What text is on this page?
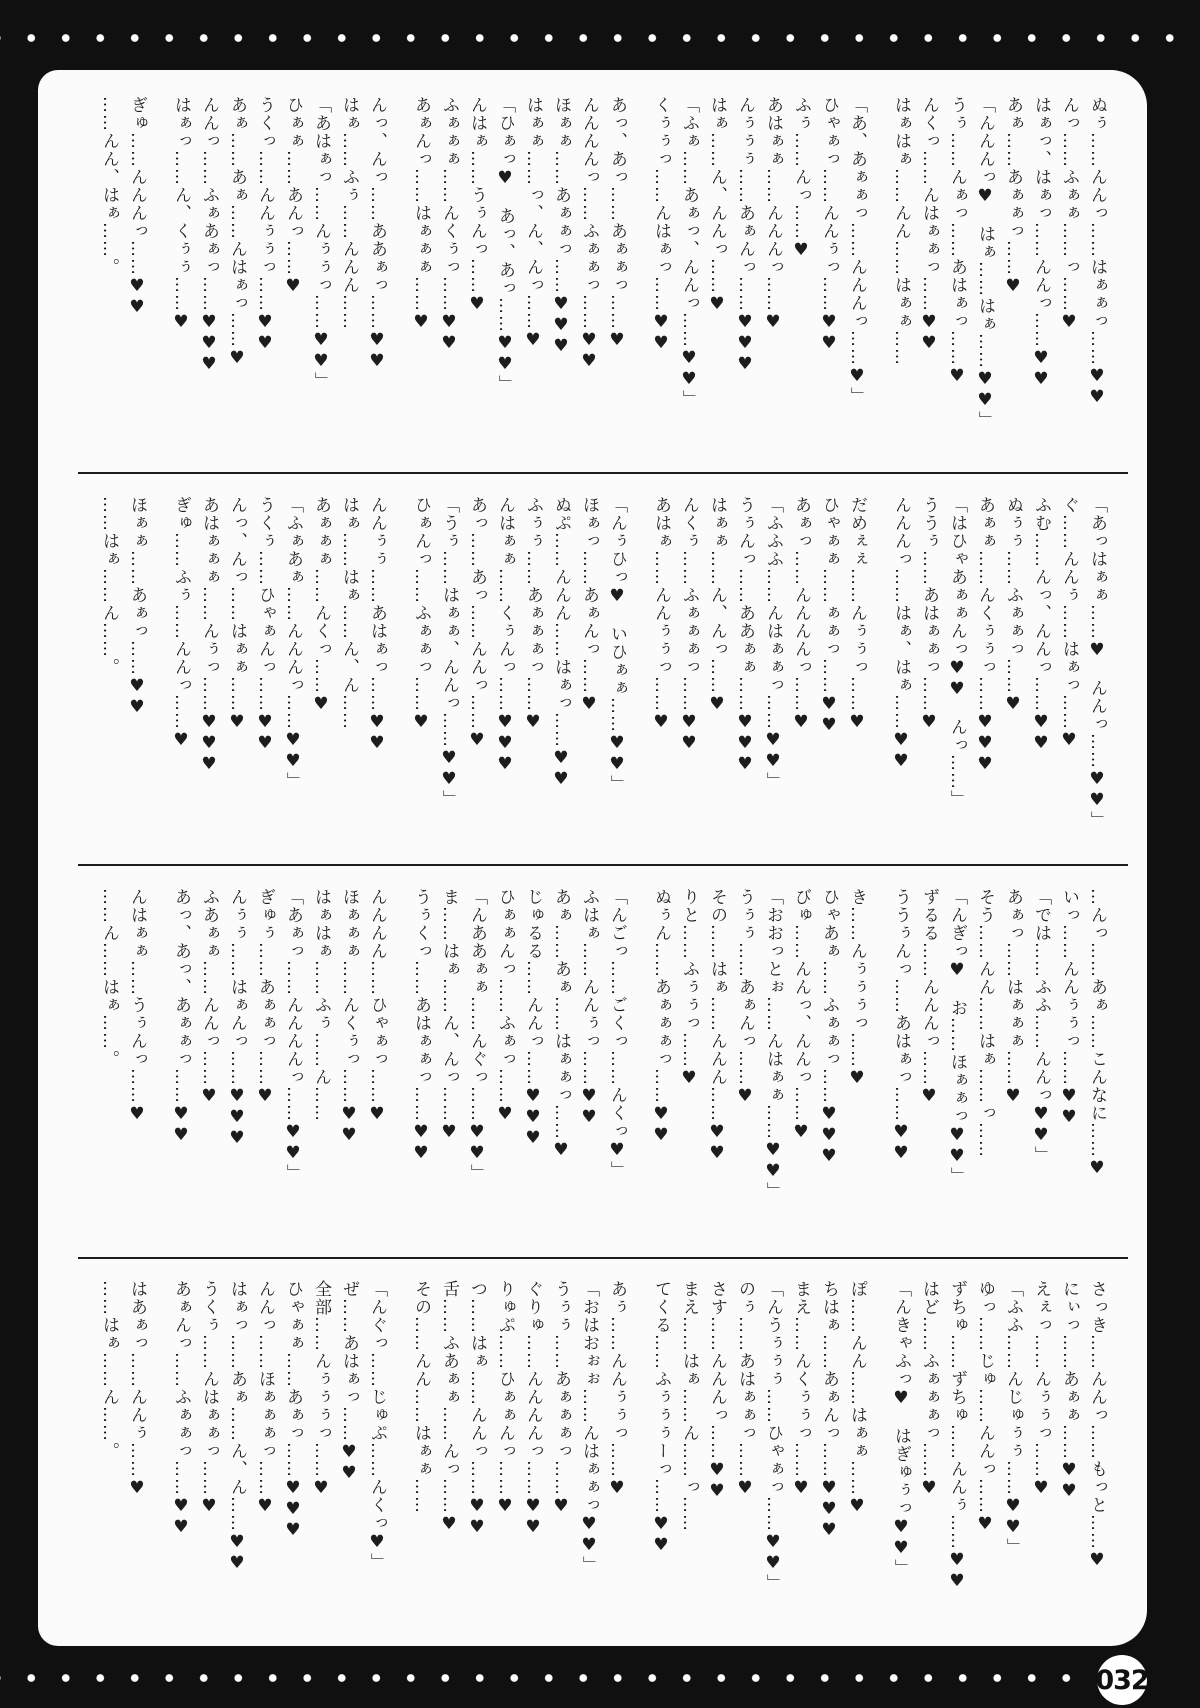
ぬぅ……んんっ……はぁぁっ……♥♥

んっ……ふぁぁ……っ……♥

はぁっ、はぁっ……んんっ……♥♥

あぁ……あぁぁっ……♥

「んんんっ♥　はぁ……はぁ……♥♥」

うぅ……んぁっ……あはぁっ……♥

んくっ……んはぁぁっ……♥♥

はぁはぁ……んん……はぁぁ……

「あ、あぁぁっ……んんんっ……♥」

ひゃぁっ……んんぅっ……♥♥

ふぅ……んっ……♥

あはぁぁ……んんんっ……♥

んぅぅぅ……あぁんっ……♥♥♥

はぁ……ん、んんっ……♥

「ふぁ……あぁっ、んんっ……♥♥」

くぅぅっ……んはぁっ……♥♥

あっ、あっ……あぁぁっ……♥

んんんんっ……ふぁぁっ……♥♥

ほぁぁ……あぁぁっ……♥♥♥

はぁぁ……っ、ん、んっ……♥

「ひぁっ♥　あっ、あっ……♥♥」

んはぁ……うぅんっ……♥

ふぁぁぁ……んくぅっ……♥♥

あぁんっ……はぁぁぁ……♥

んっ、んっ……ああぁっ……♥♥

はぁ……ふぅ……んんん……

「あはぁっ……んぅぅっ……♥♥」

ひぁぁ……あんっ……♥

うくっ……んんぅぅっ……♥♥

あぁ……あぁ……んはぁっ……♥

んんっ……ふぁあぁっ……♥♥♥

はぁっ……ん、くぅぅ……♥

ぎゅ……んんんっ……♥♥

……んん、はぁ……。

「あっはぁぁ……♥　んんっ……♥♥」

ぐ……んんぅ……はぁっ……♥

ふむ……んっ、んんっ……♥♥

ぬぅぅ……ふぁぁっ……♥

あぁぁ……んくぅぅっ……♥♥♥

「はひゃあぁぁんっ♥♥　んっ……」

ううぅ……あはぁぁっ……♥

んんんっ……はぁ、はぁ……♥♥

だめぇぇ……んぅぅっ……♥

ひゃぁぁ……ぁぁっ……♥♥

あぁっ……んんんんっ……♥

「ふふふ……んはぁぁっ……♥♥」

うぅんっ……ああぁぁ……♥♥♥

はぁぁ……ん、んっ……♥

んくぅ……ふぁぁぁっ……♥♥

あはぁ……んんぅぅっ……♥

「んぅひっ♥　いひぁぁ……♥♥」

ほぁっ……あぁんっ……♥

ぬぷ……んんん……はぁっ……♥♥

ふぅぅ……あぁぁぁっ……♥

んはぁぁ……くぅんっ……♥♥♥

あっ……あっ……んんっ……♥

「うぅ……はぁぁ、んんっ……♥♥」

ひぁんっ……ふぁぁっ……♥

んんぅぅ……あはぁっ……♥♥

はぁ……はぁ……ん、ん……

あぁぁぁ……んくっ……♥

「ふぁあぁ……んんんっ……♥♥」

うくぅ……ひゃぁんっ……♥♥

んっ、んっ……はぁぁ……♥

あはぁぁぁ……んぅっ……♥♥♥

ぎゅ……ふぅ……んんっ……♥

ほぁぁ……あぁっ……♥♥

……はぁ……ん……。

…んっ……あぁ……こんなに……♥

いっ……んんぅぅっ……♥♥

「では……ふふ……んんっ♥♥」

あぁっ……はぁぁぁ……♥

そう……んん……はぁ……っ……

「んぎっ♥　お……ほぁぁっ♥♥」

ずるる……んんんっ……♥

ううぅんっ……あはぁっ……♥♥

き……んぅぅぅっ……♥

ひゃあぁ……ふぁぁっ……♥♥♥

びゅ……んんっ、んんっ……♥

「おおっとぉ……んはぁぁ……♥♥」

うぅぅ……あぁんっ……♥

その……はぁ……んんん……♥♥

りと……ふぅぅっ……♥

ぬぅん……あぁぁぁっ……♥♥

「んごっ……ごくっ……んくっ♥」

ふはぁ……んんぅっ……♥♥

あぁ……あぁ……はぁぁっ……♥

じゅるる……んんっ……♥♥♥

ひぁぁんっ……ふぁっ……♥

「んああぁぁ……んぐっ……♥♥」

ま……はぁ……ん、んっ……♥

うぅくっ……あはぁぁっ……♥♥

んんんん……ひゃぁっ……♥

ほぁぁぁ……んくぅっ……♥♥

はぁはぁ……ふぅ……ん……

「あぁっ……んんんんっ……♥♥」

ぎゅぅ……あぁぁっ……♥

んぅぅ……はぁんっ……♥♥♥

ふあぁぁ……んんっ……♥

あっ、あっ、あぁぁっ……♥♥

んはぁぁ……うぅんっ……♥

……ん……はぁ……。

さっき……んんっ……もっと……♥

にぃっ……あぁぁ……♥♥

えぇっ……んぅぅっ……♥

「ふふ……んじゅぅぅ……♥♥」

ゆっ……じゅ……んんっ……♥

ずちゅ……ずちゅ……んんぅ……♥♥

はど……ふぁぁぁっ……♥

「んきゃふっ♥　はぎゅぅっ♥♥」

ぽ……んん……はぁぁ……♥

ちはぁ……あぁんっ……♥♥♥

まえ……んくぅぅっ……♥

「んうぅぅぅ……ひゃぁっ……♥♥」

のぅ……あはぁぁっ……♥

さす……んんんっ……♥♥

まえ……はぁ……ん……っ……

てくる……ふぅぅぅーっ……♥♥

あぅ……んんぅぅっ……♥

「おはおぉぉ……んはぁぁっ♥♥」

うぅぅ……あぁぁぁっ……♥

ぐりゅ……んんんんっ……♥♥

りゅぷ……ひぁぁんっ……♥

つ……はぁ……んんっ……♥♥

舌……ふあぁぁ……んっ……♥

その……んん……はぁぁ……

「んぐっ……じゅぷ……んくっ♥」

ぜ……あはぁっ……♥♥

全部……んぅぅぅっ……♥

ひゃぁぁ……あぁっ……♥♥♥

んんっ……ほぁぁぁっ……♥

はぁっ……あぁ……ん、ん……♥♥

うくぅ……んはぁぁっ……♥

あぁんっ……ふぁぁっ……♥♥

はあぁっ……んんぅ……♥

……はぁ……ん……。

032
